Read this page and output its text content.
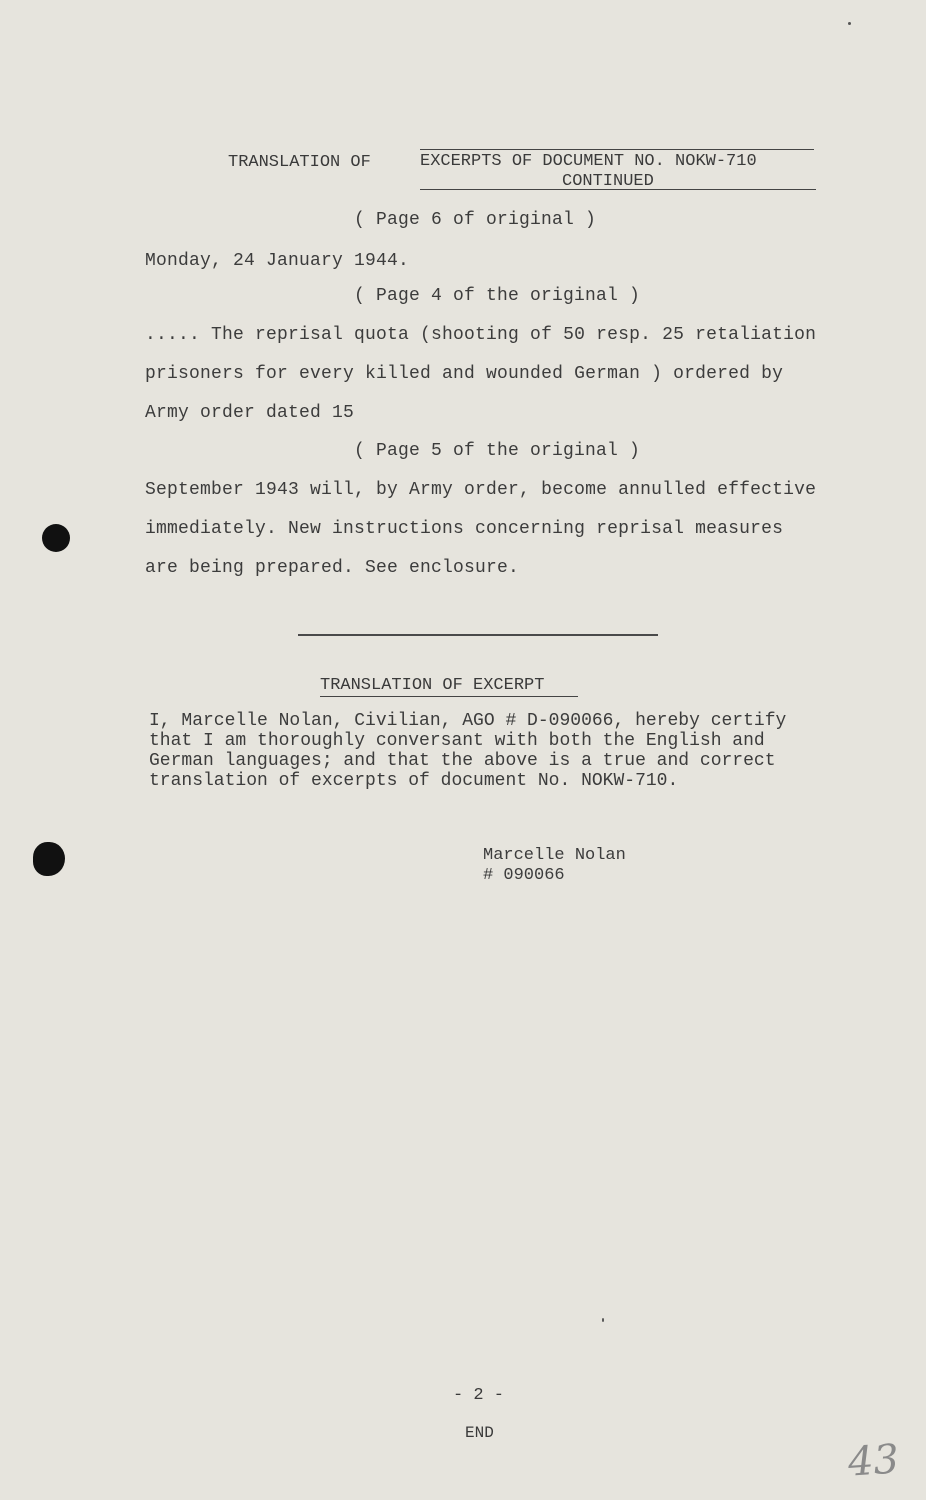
TRANSLATION OF	EXCERPTS OF DOCUMENT NO. NOKW-710
CONTINUED
( Page 6 of original )
Monday, 24 January 1944.
( Page 4 of the original )
..... The reprisal quota (shooting of 50 resp. 25 retaliation
prisoners for every killed and wounded German ) ordered by
Army order dated 15
( Page 5 of the original )
September 1943 will, by Army order, become annulled effective
immediately. New instructions concerning reprisal measures
are being prepared. See enclosure.
TRANSLATION OF EXCERPT
I, Marcelle Nolan, Civilian, AGO # D-090066, hereby certify
that I am thoroughly conversant with both the English and
German languages; and that the above is a true and correct
translation of excerpts of document No. NOKW-710.
Marcelle Nolan
# 090066
- 2 -
END
43
